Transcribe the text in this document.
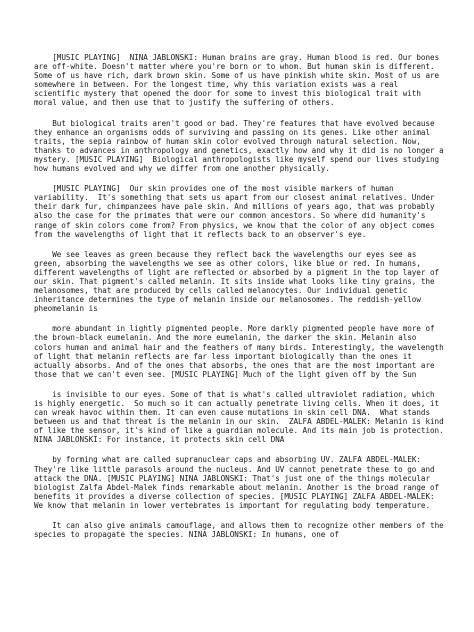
[MUSIC PLAYING]  NINA JABLONSKI: Human brains are gray. Human blood is red. Our bones are off-white. Doesn't matter where you're born or to whom. But human skin is different.  Some of us have rich, dark brown skin. Some of us have pinkish white skin. Most of us are somewhere in between. For the longest time, why this variation exists was a real scientific mystery that opened the door for some to invest this biological trait with moral value, and then use that to justify the suffering of others.

But biological traits aren't good or bad. They're features that have evolved because they enhance an organisms odds of surviving and passing on its genes. Like other animal traits, the sepia rainbow of human skin color evolved through natural selection. Now, thanks to advances in anthropology and genetics, exactly how and why it did is no longer a mystery. [MUSIC PLAYING]  Biological anthropologists like myself spend our lives studying how humans evolved and why we differ from one another physically.

[MUSIC PLAYING]  Our skin provides one of the most visible markers of human variability.  It's something that sets us apart from our closest animal relatives. Under their dark fur, chimpanzees have pale skin. And millions of years ago, that was probably also the case for the primates that were our common ancestors. So where did humanity's range of skin colors come from? From physics, we know that the color of any object comes from the wavelengths of light that it reflects back to an observer's eye.

We see leaves as green because they reflect back the wavelengths our eyes see as green, absorbing the wavelengths we see as other colors, like blue or red. In humans, different wavelengths of light are reflected or absorbed by a pigment in the top layer of our skin. That pigment's called melanin. It sits inside what looks like tiny grains, the melanosomes, that are produced by cells called melanocytes. Our individual genetic inheritance determines the type of melanin inside our melanosomes. The reddish-yellow pheomelanin is

more abundant in lightly pigmented people. More darkly pigmented people have more of the brown-black eumelanin. And the more eumelanin, the darker the skin. Melanin also colors human and animal hair and the feathers of many birds. Interestingly, the wavelength of light that melanin reflects are far less important biologically than the ones it actually absorbs. And of the ones that absorbs, the ones that are the most important are those that we can't even see. [MUSIC PLAYING] Much of the light given off by the Sun

is invisible to our eyes. Some of that is what's called ultraviolet radiation, which is highly energetic.  So much so it can actually penetrate living cells. When it does, it can wreak havoc within them. It can even cause mutations in skin cell DNA.  What stands between us and that threat is the melanin in our skin.  ZALFA ABDEL-MALEK: Melanin is kind of like the sensor, it's kind of like a guardian molecule. And its main job is protection. NINA JABLONSKI: For instance, it protects skin cell DNA

by forming what are called supranuclear caps and absorbing UV. ZALFA ABDEL-MALEK: They're like little parasols around the nucleus. And UV cannot penetrate these to go and attack the DNA. [MUSIC PLAYING] NINA JABLONSKI: That's just one of the things molecular biologist Zalfa Abdel-Malek finds remarkable about melanin. Another is the broad range of benefits it provides a diverse collection of species. [MUSIC PLAYING] ZALFA ABDEL-MALEK: We know that melanin in lower vertebrates is important for regulating body temperature.

It can also give animals camouflage, and allows them to recognize other members of the species to propagate the species. NINA JABLONSKI: In humans, one of
